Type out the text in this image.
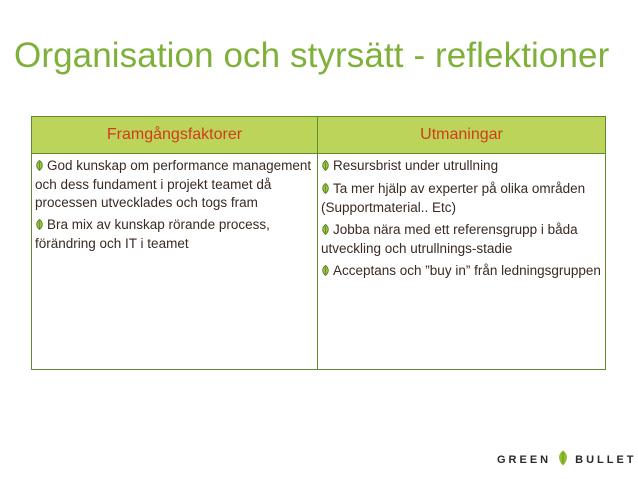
Organisation och styrsätt - reflektioner
Framgångsfaktorer	Utmaningar
God kunskap om performance management och dess fundament i projekt teamet då processen utvecklades och togs fram
Bra mix av kunskap rörande process, förändring och IT i teamet
Resursbrist under utrullning
Ta mer hjälp av experter på olika områden (Supportmaterial.. Etc)
Jobba nära med ett referensgrupp i båda utveckling och utrullnings-stadie
Acceptans och ”buy in” från ledningsgruppen
GREEN BULLET
